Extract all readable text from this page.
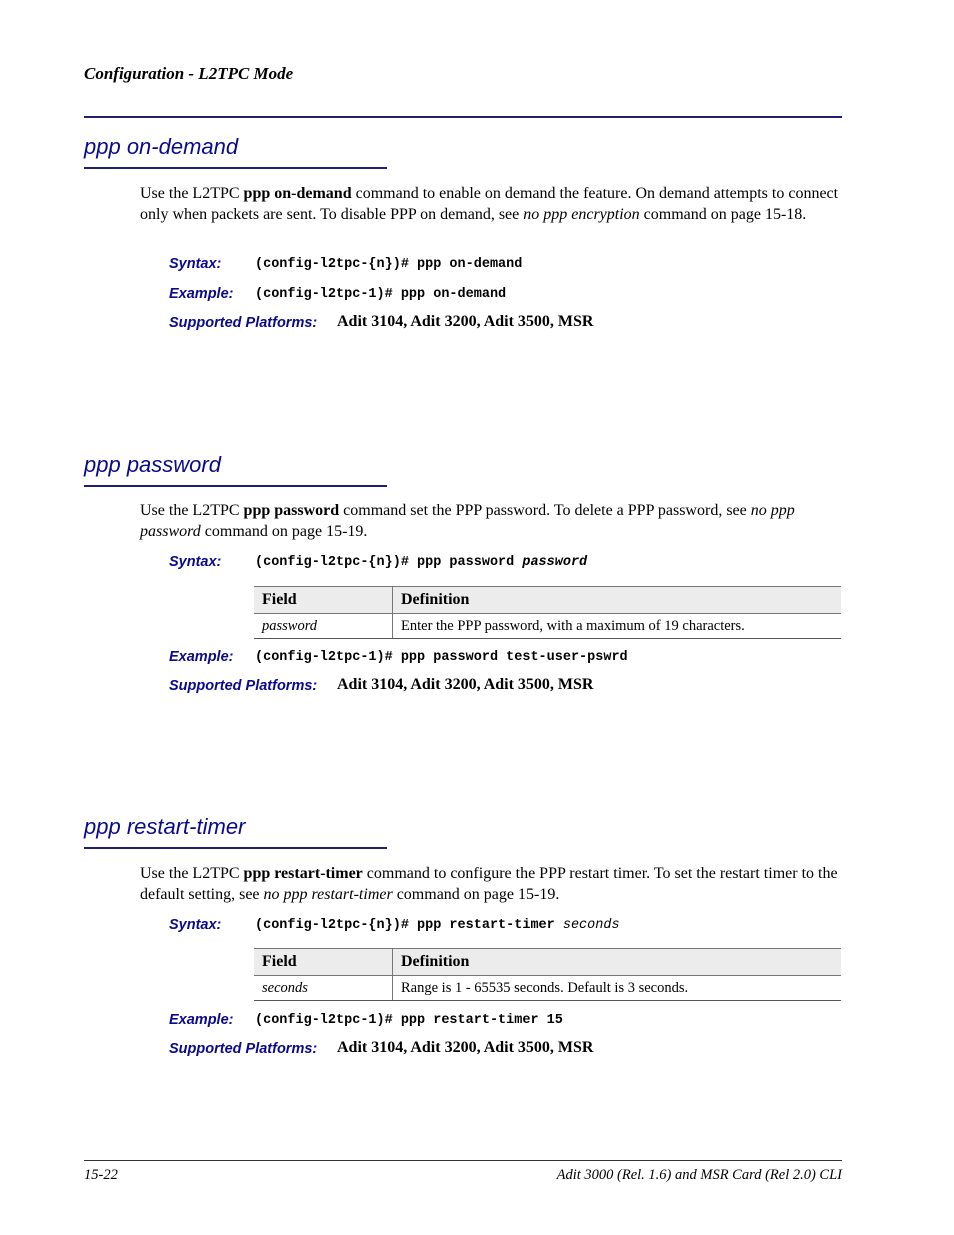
Configuration - L2TPC Mode
ppp on-demand
Use the L2TPC ppp on-demand command to enable on demand the feature. On demand attempts to connect only when packets are sent. To disable PPP on demand, see no ppp encryption command on page 15-18.
Syntax: (config-l2tpc-{n})# ppp on-demand
Example: (config-l2tpc-1)# ppp on-demand
Supported Platforms: Adit 3104, Adit 3200, Adit 3500, MSR
ppp password
Use the L2TPC ppp password command set the PPP password. To delete a PPP password, see no ppp password command on page 15-19.
Syntax: (config-l2tpc-{n})# ppp password password
Field	Definition
password	Enter the PPP password, with a maximum of 19 characters.
Example: (config-l2tpc-1)# ppp password test-user-pswrd
Supported Platforms: Adit 3104, Adit 3200, Adit 3500, MSR
ppp restart-timer
Use the L2TPC ppp restart-timer command to configure the PPP restart timer. To set the restart timer to the default setting, see no ppp restart-timer command on page 15-19.
Syntax: (config-l2tpc-{n})# ppp restart-timer seconds
Field	Definition
seconds	Range is 1 - 65535 seconds. Default is 3 seconds.
Example: (config-l2tpc-1)# ppp restart-timer 15
Supported Platforms: Adit 3104, Adit 3200, Adit 3500, MSR
15-22	Adit 3000 (Rel. 1.6) and MSR Card (Rel 2.0) CLI
